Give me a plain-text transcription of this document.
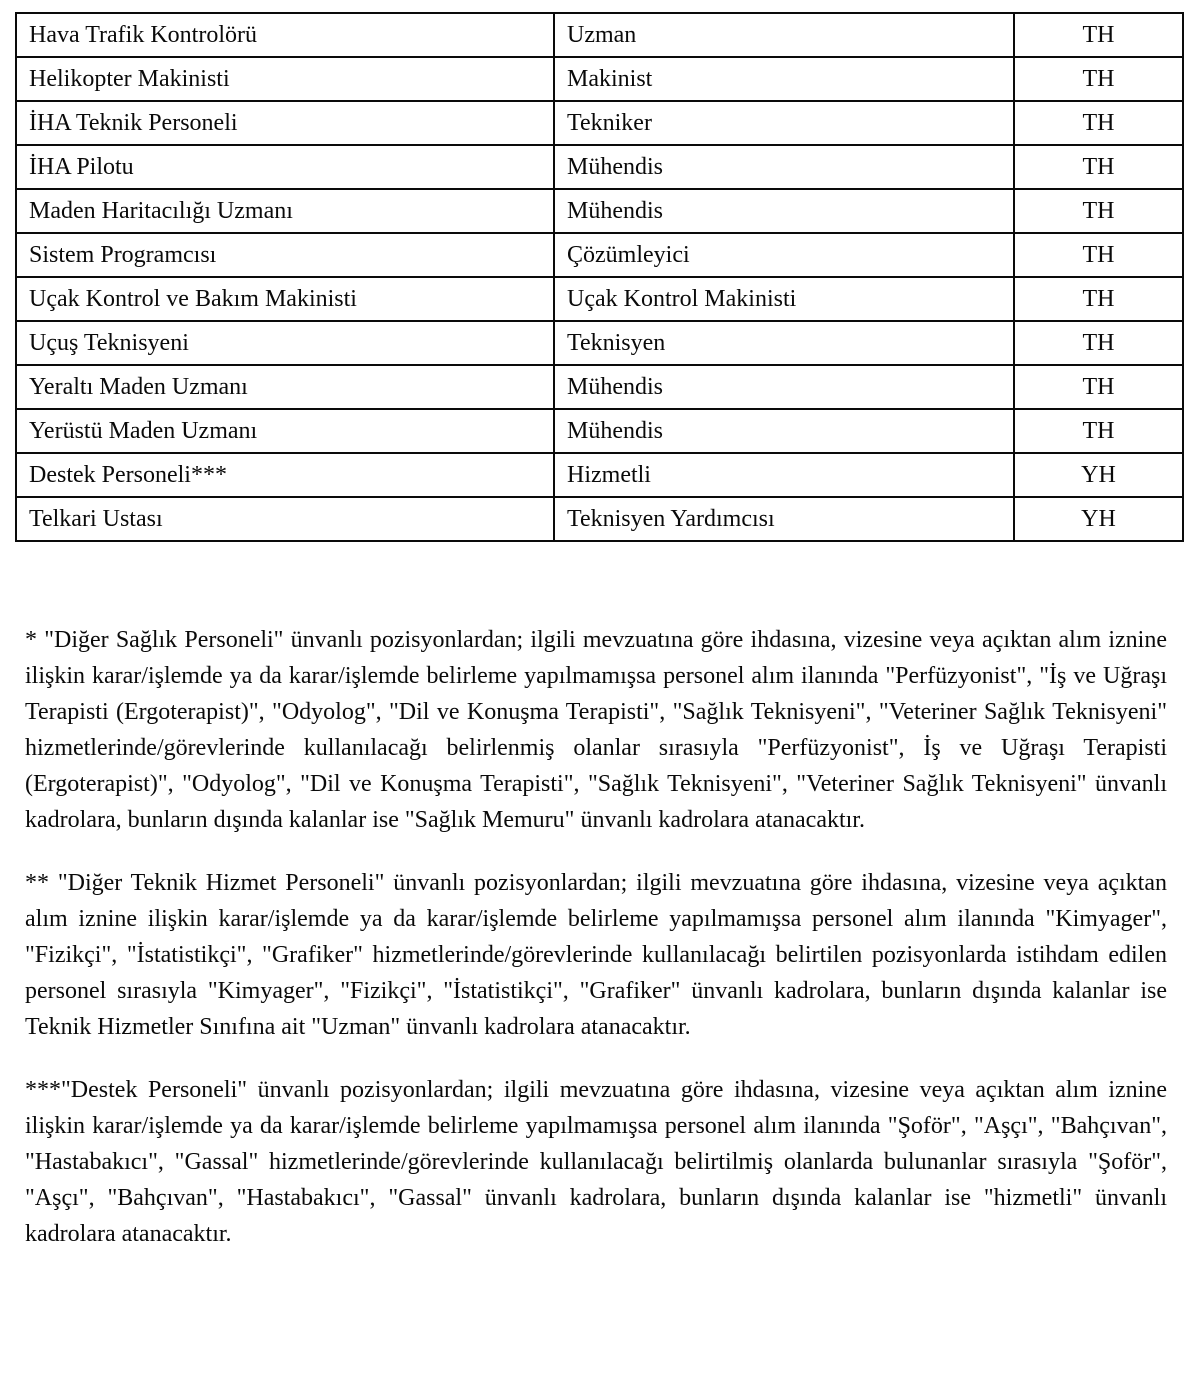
Hava Trafik Kontrolörü	Uzman	TH
Helikopter Makinisti	Makinist	TH
İHA Teknik Personeli	Tekniker	TH
İHA Pilotu	Mühendis	TH
Maden Haritacılığı Uzmanı	Mühendis	TH
Sistem Programcısı	Çözümleyici	TH
Uçak Kontrol ve Bakım Makinisti	Uçak Kontrol Makinisti	TH
Uçuş Teknisyeni	Teknisyen	TH
Yeraltı Maden Uzmanı	Mühendis	TH
Yerüstü Maden Uzmanı	Mühendis	TH
Destek Personeli***	Hizmetli	YH
Telkari Ustası	Teknisyen Yardımcısı	YH

* "Diğer Sağlık Personeli" ünvanlı pozisyonlardan; ilgili mevzuatına göre ihdasına, vizesine veya açıktan alım iznine ilişkin karar/işlemde ya da karar/işlemde belirleme yapılmamışsa personel alım ilanında "Perfüzyonist", "İş ve Uğraşı Terapisti (Ergoterapist)", "Odyolog", "Dil ve Konuşma Terapisti", "Sağlık Teknisyeni", "Veteriner Sağlık Teknisyeni" hizmetlerinde/görevlerinde kullanılacağı belirlenmiş olanlar sırasıyla "Perfüzyonist", İş ve Uğraşı Terapisti (Ergoterapist)", "Odyolog", "Dil ve Konuşma Terapisti", "Sağlık Teknisyeni", "Veteriner Sağlık Teknisyeni" ünvanlı kadrolara, bunların dışında kalanlar ise "Sağlık Memuru" ünvanlı kadrolara atanacaktır.

** "Diğer Teknik Hizmet Personeli" ünvanlı pozisyonlardan; ilgili mevzuatına göre ihdasına, vizesine veya açıktan alım iznine ilişkin karar/işlemde ya da karar/işlemde belirleme yapılmamışsa personel alım ilanında "Kimyager", "Fizikçi", "İstatistikçi", "Grafiker" hizmetlerinde/görevlerinde kullanılacağı belirtilen pozisyonlarda istihdam edilen personel sırasıyla "Kimyager", "Fizikçi", "İstatistikçi", "Grafiker" ünvanlı kadrolara, bunların dışında kalanlar ise Teknik Hizmetler Sınıfına ait "Uzman" ünvanlı kadrolara atanacaktır.

***"Destek Personeli" ünvanlı pozisyonlardan; ilgili mevzuatına göre ihdasına, vizesine veya açıktan alım iznine ilişkin karar/işlemde ya da karar/işlemde belirleme yapılmamışsa personel alım ilanında "Şoför", "Aşçı", "Bahçıvan", "Hastabakıcı", "Gassal" hizmetlerinde/görevlerinde kullanılacağı belirtilmiş olanlarda bulunanlar sırasıyla "Şoför", "Aşçı", "Bahçıvan", "Hastabakıcı", "Gassal" ünvanlı kadrolara, bunların dışında kalanlar ise "hizmetli" ünvanlı kadrolara atanacaktır.
